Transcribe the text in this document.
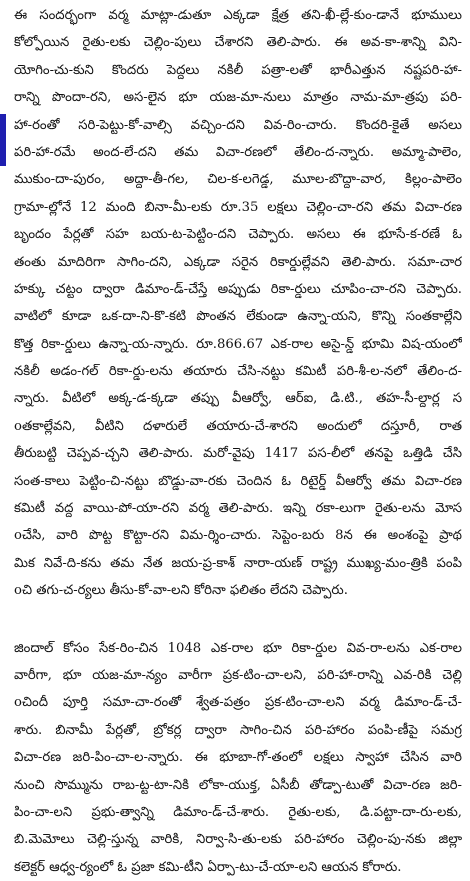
ఈ సందర్భంగా వర్మ మాట్లా-డుతూ ఎక్కడా క్షేత్ర తని-ఖీ-ల్లే-కుం-డానే భూములు
కోల్పోయిన రైతు-లకు చెల్లిం-పులు చేశారని తెలి-పారు. ఈ అవ-కా-శాన్ని విని-
యోగిం-చు-కుని కొందరు పెద్దలు నకిలీ పత్రా-లతో భారీఎత్తున నష్టపరి-హా-
రాన్ని పొందా-రని, అస-లైన భూ యజ-మా-నులు మాత్రం నామ-మా-త్రపు పరి-
హా-రంతో సరి-పెట్టు-కో-వాల్సి వచ్చిం-దని వివ-రిం-చారు. కొందరి-కైతే అసలు
పరి-హా-రమే అంద-లే-దని తమ విచా-రణలో తేలిం-ద-న్నారు. అమ్మా-పాలెం,
ముకుం-దా-పురం, అద్దా-తీ-గల, చిల-క-లగెడ్డ, మూల-బొద్దా-వార, కిల్లం-పాలెం
గ్రామా-ల్లోనే 12 మంది బినా-మీ-లకు రూ.35 లక్షలు చెల్లిం-చా-రని తమ విచా-రణ
బృందం పేర్లతో సహ బయ-ట-పెట్టిం-దని చెప్పారు. అసలు ఈ భూసే-క-రణే ఓ
తంతు మాదిరిగా సాగిం-దని, ఎక్కడా సరైన రికార్డుల్లేవని తెలి-పారు. సమా-చార
హక్కు చట్టం ద్వారా డిమాం-డ్‌-చేస్తే అప్పుడు రికా-ర్డులు చూపిం-చా-రని చెప్పారు.
వాటిలో కూడా ఒక-దా-ని-కొ-కటి పొంతన లేకుండా ఉన్నా-యని, కొన్ని సంతకాల్లేని
కొత్త రికా-ర్డులు ఉన్నా-య-న్నారు. రూ.866.67 ఎక-రాల అసై-న్డ్‌ భూమి విష-యంలో
నకిలీ అడం-గల్‌ రికా-ర్డు-లను తయారు చేసి-నట్టు కమిటీ పరి-శీ-ల-నలో తేలిం-ద-
న్నారు. వీటిలో అక్క-డ-క్కడా తప్పు వీఆర్వో, ఆర్‌ఐ, డి.టి., తహ-సీ-ల్దార్ల స
oతకాల్లేవని, వీటిని దళారులే తయారు-చే-శారని అందులో దస్తూరీ, రాత
తీరుబట్టి చెప్పవ-చ్చని తెలి-పారు. మరో-వైపు 1417 పస-లీలో తనపై ఒత్తిడి చేసి
సంత-కాలు పెట్టిం-చి-నట్టు బొడ్డు-వా-రకు చెందిన ఓ రిటైర్డ్‌ వీఆర్వో తమ విచా-రణ
కమిటీ వద్ద వాయి-పో-యా-రని వర్మ తెలి-పారు. ఇన్ని రకా-లుగా రైతు-లను మోస
oచేసి, వారి పొట్ట కొట్టా-రని విమ-ర్శిం-చారు. సెప్టెం-బరు 8న ఈ అంశంపై ప్రాథ
మిక నివే-ది-కను తమ నేత జయ-ప్ర-కాశ్‌ నారా-యణ్‌ రాష్ట్ర ముఖ్య-మం-త్రికి పంపి
oచి తగు-చ-ర్యలు తీసు-కో-వా-లని కోరినా ఫలితం లేదని చెప్పారు.
జిందాల్‌ కోసం సేక-రిం-చిన 1048 ఎక-రాల భూ రికా-ర్డుల వివ-రా-లను ఎక-రాల
వారీగా, భూ యజ-మా-న్యం వారీగా ప్రక-టిం-చా-లని, పరి-హా-రాన్ని ఎవ-రికి చెల్లి
oచిందీ పూర్తి సమా-చా-రంతో శ్వేత-పత్రం ప్రక-టిం-చా-లని వర్మ డిమాం-డ్‌-చే-
శారు. బినామీ పేర్లతో, బ్రోకర్ల ద్వారా సాగిం-చిన పరి-హారం పంపి-ణీపై సమగ్ర
విచా-రణ జరి-పిం-చా-ల-న్నారు. ఈ భూబా-గో-తంలో లక్షలు స్వాహా చేసిన వారి
నుంచి సొమ్మును రాబ-ట్ట-టా-నికి లోకా-యుక్త, ఏసీబీ తోడ్పా-టుతో విచా-రణ జరి-
పిం-చా-లని ప్రభు-త్వాన్ని డిమాం-డ్‌-చే-శారు. రైతు-లకు, డి.పట్టా-దా-రు-లకు,
బి.మెమోలు చెల్లి-స్తున్న వారికి, నిర్వా-సి-తు-లకు పరి-హారం చెల్లిం-పు-నకు జిల్లా
కలెక్టర్‌ ఆధ్వ-ర్యంలో ఓ ప్రజా కమి-టీని ఏర్పా-టు-చే-యా-లని ఆయన కోరారు.
